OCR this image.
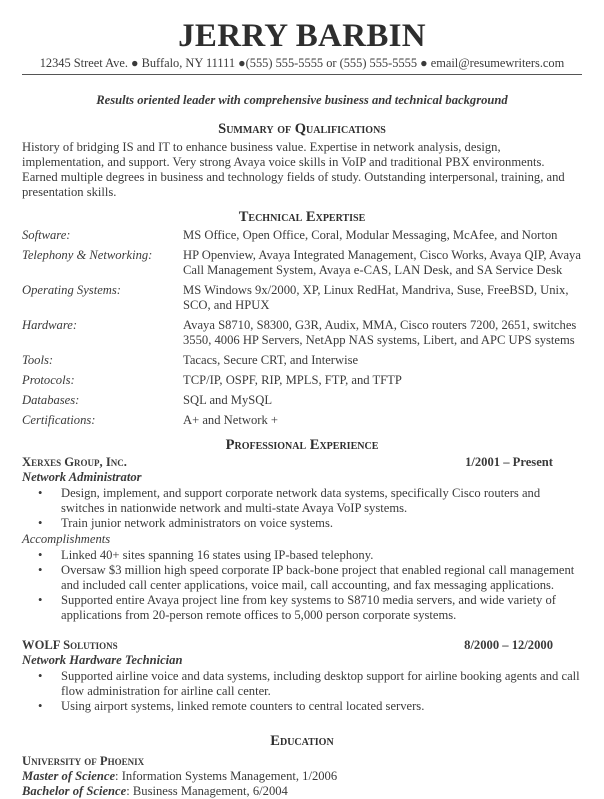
JERRY BARBIN
12345 Street Ave. ● Buffalo, NY 11111 ●(555) 555-5555 or (555) 555-5555 ● email@resumewriters.com
Results oriented leader with comprehensive business and technical background
Summary of Qualifications
History of bridging IS and IT to enhance business value. Expertise in network analysis, design, implementation, and support. Very strong Avaya voice skills in VoIP and traditional PBX environments. Earned multiple degrees in business and technology fields of study. Outstanding interpersonal, training, and presentation skills.
Technical Expertise
Software:	MS Office, Open Office, Coral, Modular Messaging, McAfee, and Norton
Telephony & Networking:	HP Openview, Avaya Integrated Management, Cisco Works, Avaya QIP, Avaya Call Management System, Avaya e-CAS, LAN Desk, and SA Service Desk
Operating Systems:	MS Windows 9x/2000, XP, Linux RedHat, Mandriva, Suse, FreeBSD, Unix, SCO, and HPUX
Hardware:	Avaya S8710, S8300, G3R, Audix, MMA, Cisco routers 7200, 2651, switches 3550, 4006 HP Servers, NetApp NAS systems, Libert, and APC UPS systems
Tools:	Tacacs, Secure CRT, and Interwise
Protocols:	TCP/IP, OSPF, RIP, MPLS, FTP, and TFTP
Databases:	SQL and MySQL
Certifications:	A+ and Network +
Professional Experience
Xerxes Group, Inc.	1/2001 – Present
Network Administrator
• Design, implement, and support corporate network data systems, specifically Cisco routers and switches in nationwide network and multi-state Avaya VoIP systems.
• Train junior network administrators on voice systems.
Accomplishments
• Linked 40+ sites spanning 16 states using IP-based telephony.
• Oversaw $3 million high speed corporate IP back-bone project that enabled regional call management and included call center applications, voice mail, call accounting, and fax messaging applications.
• Supported entire Avaya project line from key systems to S8710 media servers, and wide variety of applications from 20-person remote offices to 5,000 person corporate systems.
WOLF Solutions	8/2000 – 12/2000
Network Hardware Technician
• Supported airline voice and data systems, including desktop support for airline booking agents and call flow administration for airline call center.
• Using airport systems, linked remote counters to central located servers.
Education
University of Phoenix
Master of Science: Information Systems Management, 1/2006
Bachelor of Science: Business Management, 6/2004
